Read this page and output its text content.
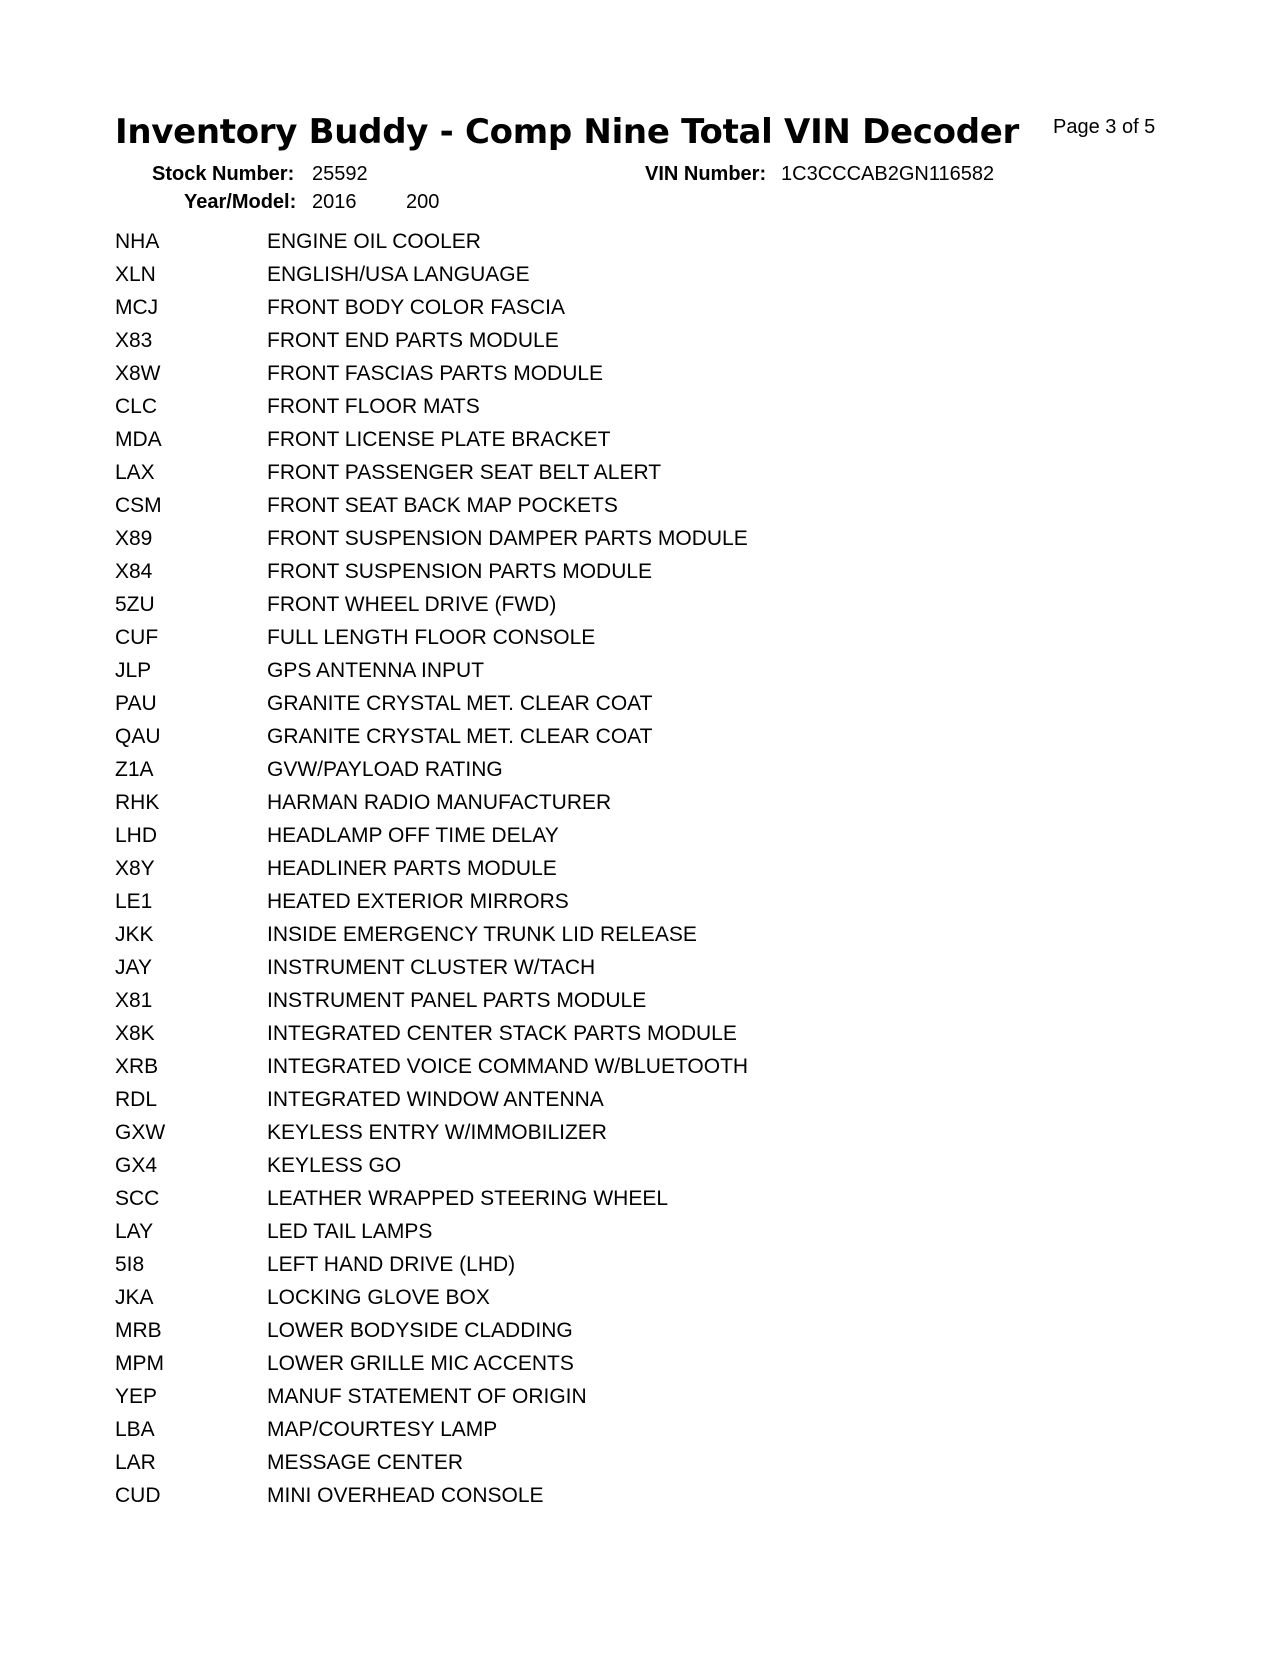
Inventory Buddy - Comp Nine Total VIN Decoder Page 3 of 5
Stock Number: 25592	VIN Number: 1C3CCCAB2GN116582
Year/Model: 2016 200
NHA	ENGINE OIL COOLER
XLN	ENGLISH/USA LANGUAGE
MCJ	FRONT BODY COLOR FASCIA
X83	FRONT END PARTS MODULE
X8W	FRONT FASCIAS PARTS MODULE
CLC	FRONT FLOOR MATS
MDA	FRONT LICENSE PLATE BRACKET
LAX	FRONT PASSENGER SEAT BELT ALERT
CSM	FRONT SEAT BACK MAP POCKETS
X89	FRONT SUSPENSION DAMPER PARTS MODULE
X84	FRONT SUSPENSION PARTS MODULE
5ZU	FRONT WHEEL DRIVE (FWD)
CUF	FULL LENGTH FLOOR CONSOLE
JLP	GPS ANTENNA INPUT
PAU	GRANITE CRYSTAL MET. CLEAR COAT
QAU	GRANITE CRYSTAL MET. CLEAR COAT
Z1A	GVW/PAYLOAD RATING
RHK	HARMAN RADIO MANUFACTURER
LHD	HEADLAMP OFF TIME DELAY
X8Y	HEADLINER PARTS MODULE
LE1	HEATED EXTERIOR MIRRORS
JKK	INSIDE EMERGENCY TRUNK LID RELEASE
JAY	INSTRUMENT CLUSTER W/TACH
X81	INSTRUMENT PANEL PARTS MODULE
X8K	INTEGRATED CENTER STACK PARTS MODULE
XRB	INTEGRATED VOICE COMMAND W/BLUETOOTH
RDL	INTEGRATED WINDOW ANTENNA
GXW	KEYLESS ENTRY W/IMMOBILIZER
GX4	KEYLESS GO
SCC	LEATHER WRAPPED STEERING WHEEL
LAY	LED TAIL LAMPS
5I8	LEFT HAND DRIVE (LHD)
JKA	LOCKING GLOVE BOX
MRB	LOWER BODYSIDE CLADDING
MPM	LOWER GRILLE MIC ACCENTS
YEP	MANUF STATEMENT OF ORIGIN
LBA	MAP/COURTESY LAMP
LAR	MESSAGE CENTER
CUD	MINI OVERHEAD CONSOLE
